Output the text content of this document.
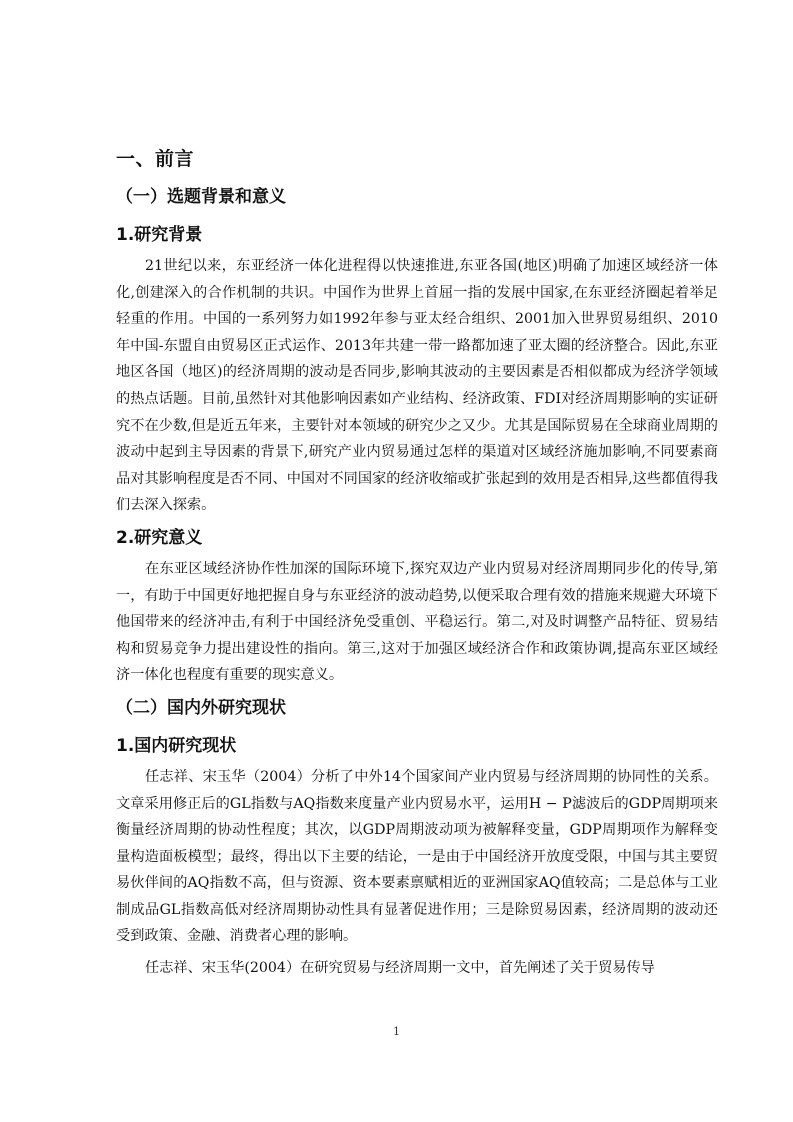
一、前言
（一）选题背景和意义
1.研究背景

21世纪以来，东亚经济一体化进程得以快速推进,东亚各国(地区)明确了加速区域经济一体化,创建深入的合作机制的共识。中国作为世界上首屈一指的发展中国家,在东亚经济圈起着举足轻重的作用。中国的一系列努力如1992年参与亚太经合组织、2001加入世界贸易组织、2010年中国-东盟自由贸易区正式运作、2013年共建一带一路都加速了亚太圈的经济整合。因此,东亚地区各国（地区)的经济周期的波动是否同步,影响其波动的主要因素是否相似都成为经济学领域的热点话题。目前,虽然针对其他影响因素如产业结构、经济政策、FDI对经济周期影响的实证研究不在少数,但是近五年来，主要针对本领域的研究少之又少。尤其是国际贸易在全球商业周期的波动中起到主导因素的背景下,研究产业内贸易通过怎样的渠道对区域经济施加影响,不同要素商品对其影响程度是否不同、中国对不同国家的经济收缩或扩张起到的效用是否相异,这些都值得我们去深入探索。

2.研究意义

在东亚区域经济协作性加深的国际环境下,探究双边产业内贸易对经济周期同步化的传导,第一，有助于中国更好地把握自身与东亚经济的波动趋势,以便采取合理有效的措施来规避大环境下他国带来的经济冲击,有利于中国经济免受重创、平稳运行。第二,对及时调整产品特征、贸易结构和贸易竞争力提出建设性的指向。第三,这对于加强区域经济合作和政策协调,提高东亚区域经济一体化也程度有重要的现实意义。

（二）国内外研究现状
1.国内研究现状

任志祥、宋玉华（2004）分析了中外14个国家间产业内贸易与经济周期的协同性的关系。文章采用修正后的GL指数与AQ指数来度量产业内贸易水平，运用H − P滤波后的GDP周期项来衡量经济周期的协动性程度；其次，以GDP周期波动项为被解释变量，GDP周期项作为解释变量构造面板模型；最终，得出以下主要的结论，一是由于中国经济开放度受限，中国与其主要贸易伙伴间的AQ指数不高，但与资源、资本要素禀赋相近的亚洲国家AQ值较高；二是总体与工业制成品GL指数高低对经济周期协动性具有显著促进作用；三是除贸易因素，经济周期的波动还受到政策、金融、消费者心理的影响。

任志祥、宋玉华(2004）在研究贸易与经济周期一文中，首先阐述了关于贸易传导

1
